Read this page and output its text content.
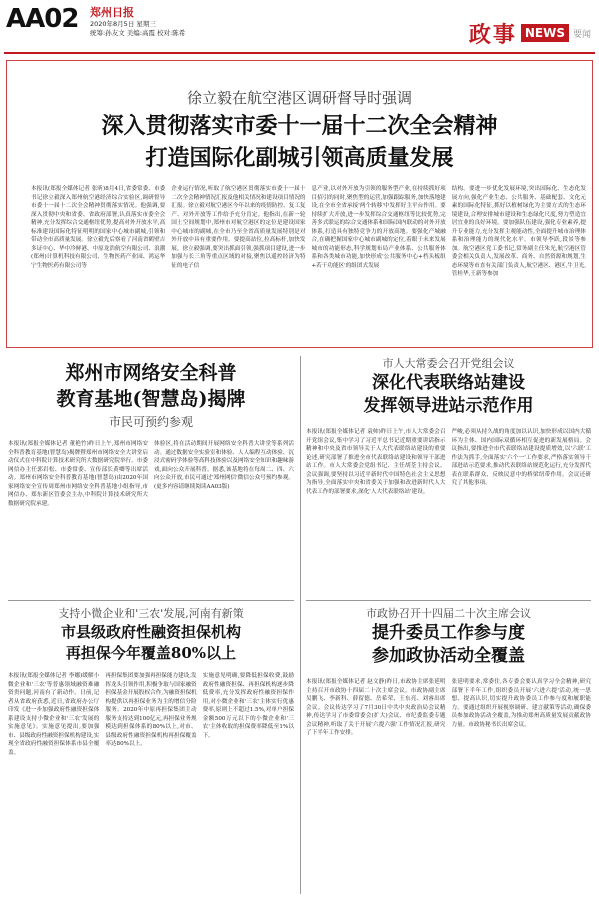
AA02 郑州日报
2020年8月5日 星期三
统筹:孙友文 美编:高霞 校对:陈希	政事 NEWS $^{要闻}$
徐立毅在航空港区调研督导时强调
深入贯彻落实市委十一届十二次全会精神
打造国际化副城引领高质量发展
本报讯(郑报全媒体记者 张昕)8月4日,省委常委、市委书记徐立毅深入郑州航空港经济综合实验区,调研督导市委十一届十二次全会精神贯彻落实情况。他强调,要深入贯彻中央和省委、省政府部署,认真落实市委全会精神,充分发挥综合交通枢纽优势,提高对外开放水平,高标准建设国际化特征明明的国家中心城市副城,引领和带动全市高质量发展。徐立毅先后察看了河南省鹤壁吉多证中心、华中冷鲜港、中原龙浩航空有限公司、浪潮(郑州)计算机科技有限公司、生物医药产业园、鸿运华宁生物医药有限公司等
企业运行情况,听取了航空港区贯彻落实市委十一届十二次全会精神情况汇报及他相关情况和建设项目情况的汇报。徐立毅对航空港区今年以来的疫情防控、复工复产、对外开放等工作给予充分肯定。他指出,在新一轮国土空间规划中,郑州市对航空港区的定位是建设国家中心城市的副城,在全市乃至全省高质量发展特别是对外开放中具有重要作用。要提高站位,拉高标杆,加快发展。徐立毅强调,要突出抓面引领,强抓项目建设,进一步加强与长三角等重点区域的对接,聚焦以遥控经济为特征的电子信
息产业,以对外开放为引领的服务型产业,在持续抓好项目招引的同时,聚焦型的运营,加强跟踪服务,加快落地建设,在全市全省承接'两个转移'中发挥好主平台作用。要持续扩大开放,进一步发挥综合交通枢纽等比较优势,完善多式联运的综合交通体系和国际国内联动的对外开放体系,打造具有独特竞争力的开放高地。要强化产城融合,在确把握国家中心城市副城的定位,着眼于未来发展城市的功能形态,科学规划布局产业体系、公共服务体系和各类城市功能,加快形成'公共服务中心+档头板组+若干功能区'的组团式发展
结构。要进一步优化发展环境,突出国际化、生态化发展方向,强化产业生态、公共服务、基础配套、文化元素的国际化特征,抓好以植树绿化为主要方式的生态环境建设,合理安排城市建设和生态绿化尺度,努力塑造宜居宜业的良好环境。要加强队伍建设,强化专业素养,提升专业能力,充分发挥主观能动性,全面提升城市治理体系和治理能力的现代化水平。市领导李跃,段景等参加。航空港区党工委书记,常务副主任朱光,航空港区管委会相关负责人,发展改革、商务、自然资源和规划,生态环境等市直有关部门负责人,航空港区、港区,牛卫光,管桂华,王新等参加
郑州市网络安全科普
教育基地(智慧岛)揭牌
市民可预约参观
本报讯(郑报全媒体记者 董艳竹)昨日上午,郑州市网络安全科普教育基地(智慧岛)揭牌暨郑州市网络安全大讲堂启动仪式在中科院计算技术研究所大数据研究院举行。市委网信办主任郭岩松、市委常委、宣传部长黄卿等出席活动。郑州市网络安全科普教育基地(智慧岛)由2020年国家网络安全宣传周郑州市网络安全科普基地小组指导,市网信办、郑东新区管委会主办,中科院计算技术研究所大数据研究院承建。
体验区,将在活动期间开展网络安全科普大讲堂等系列活动。通过数据安全实验室和体验、人人编程互动体验、沉浸式密码学体验等高科技体验以及网络安全知识和趣味游戏,面向公众开展科普。据悉,该基地将在每周二、四、六向公众开放,市民可通过'郑州网信'微信公众号预约参观。(更多内容请继续阅读AA03版)
市人大常委会召开党组会议
深化代表联络站建设
发挥领导进站示范作用
本报讯(郑报全媒体记者 袁帅)昨日上午,市人大常委会召开党组会议,集中学习了习近平总书记近期重要讲话指示精神和中央及省市领导关于人大代表联络站建设的重要论述,研究部署了推进全市代表联络站建设和领导干部进站工作。市人大常委会党组书记、主任胡荃主持会议。会议强调,要坚持以习近平新时代中国特色社会主义思想为指导,全面落实中央和省委关于加强和改进新时代人大代表工作的部署要求,深化'人大代表联络站'建设。
严峻,必须从持久战的角度加以认识,加快形成以国内大循环为主体、国内国际双循环相互促进的新发展格局。会议指出,要推进全市代表联络站建设提质增效,以'六联'工作法为抓手,全面落实'六个一'工作要求,严格落实领导干部进站示范要求,推动代表联络站规范化运行,充分发挥代表在联系群众、反映民意中的桥梁纽带作用。会议还研究了其他事项。
支持小微企业和'三农'发展,河南有新策
市县级政府性融资担保机构
再担保今年覆盖80%以上
本报讯(郑报全媒体记者 李娜)缓解小微企业和'三农'等普惠领域融资难融资贵问题,河南有了新动作。日前,记者从省政府获悉,近日,省政府办公厅印发《进一步加强政府性融资担保体系建设支持小微企业和'三农'发展的实施意见》。实施意见提出,要加强市、县级政府性融资担保机构建设,实现全省政府性融资担保体系市县全覆盖。
再担保集团要加强再担保能力建设,发挥龙头引领作用,积极争取与国家融资担保基金开展股权合作,为融资担保机构提供以再担保业务为主的增信分险服务。2020年中原再担保集团主动服务支持达到100亿元,再担保业务规模达到担保体系的80%以上,对市、县级政府性融资担保机构再担保覆盖率达80%以上。
实施意见明确,要降低担保收费,鼓励政府性融资担保、再担保机构逐步降低费率,充分发挥政府性融资担保作用,对小微企业和'三农'主体实行优惠费率,原则上不超过1.5%,对单户担保金额500万元以下的小微企业和'三农'主体收取的担保费率降低至1%以下。
市政协召开十四届二十次主席会议
提升委员工作参与度
参加政协活动全覆盖
本报讯(郑报全媒体记者 赵文静)昨日,市政协主席张延明主持召开市政协十四届二十次主席会议。市政协副主席吴鹏飞、李新科、薛留德、岳希荣、王东亮、刘睿出席会议。会议传达学习了7月30日中共中央政治局会议精神,传达学习了市委常委会(扩大)会议、市纪委监委专题会议精神,听取了关于开展'六提六强'工作情况汇报,研究了下半年工作安排。
张延明要求,常委住,各专委会要认真学习全会精神,研究部署下半年工作,组织委员开展'六进六提'活动,统一思想、提高认识,切实提升政协委员工作参与度和履职能力。要通过组织开展视察调研、建言献策等活动,确保委员参加政协活动全覆盖,为推动郑州高质量发展贡献政协力量。市政协秘书长出席会议。
